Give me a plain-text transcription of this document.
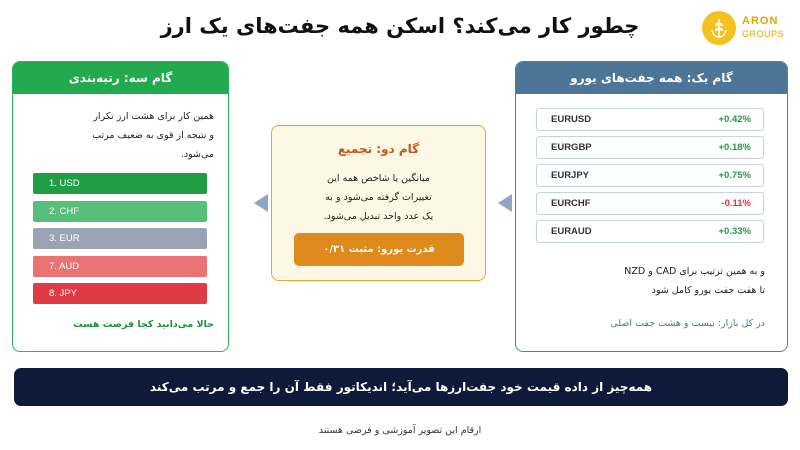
چطور کار می‌کند؟ اسکن همه جفت‌های یک ارز	ARON
GROUPS
گام سه: رتبه‌بندی
همین کار برای هشت ارز تکرار
و نتیجه از قوی به ضعیف مرتب
می‌شود.
1. USD
2. CHF
3. EUR
7. AUD
8. JPY
حالا می‌دانید کجا فرصت هست
گام دو: تجمیع
میانگین یا شاخص همه این
تغییرات گرفته می‌شود و به
یک عدد واحد تبدیل می‌شود.
قدرت یورو: مثبت ۰/۳۱
گام یک: همه جفت‌های یورو
EURUSD	+0.42%
EURGBP	+0.18%
EURJPY	+0.75%
EURCHF	-0.11%
EURAUD	+0.33%
و به همین ترتیب برای CAD و NZD
تا هفت جفت یورو کامل شود
در کل بازار: بیست و هشت جفت اصلی
همه‌چیز از داده قیمت خود جفت‌ارزها می‌آید؛ اندیکاتور فقط آن را جمع و مرتب می‌کند
ارقام این تصویر آموزشی و فرضی هستند
